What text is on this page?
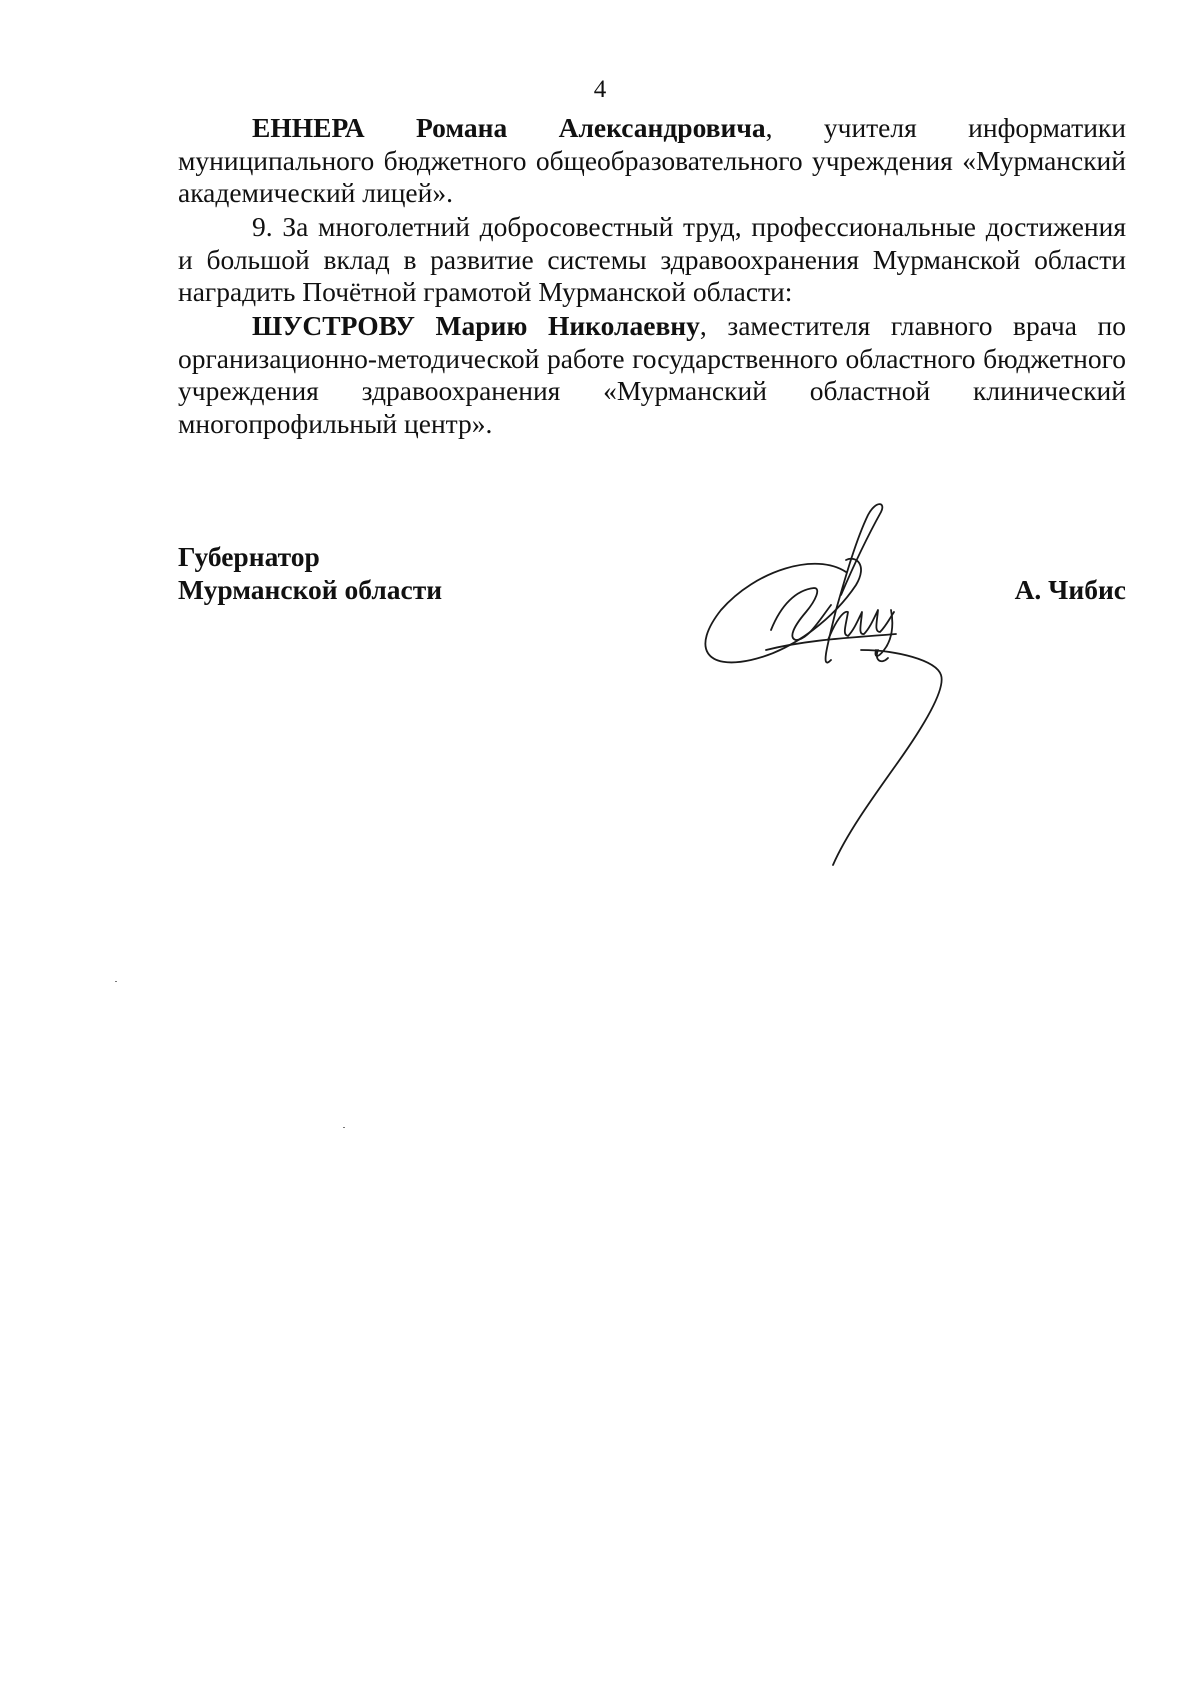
4

ЕННЕРА Романа Александровича, учителя информатики муниципального бюджетного общеобразовательного учреждения «Мурманский академический лицей».

9. За многолетний добросовестный труд, профессиональные достижения и большой вклад в развитие системы здравоохранения Мурманской области наградить Почётной грамотой Мурманской области:

ШУСТРОВУ Марию Николаевну, заместителя главного врача по организационно-методической работе государственного областного бюджетного учреждения здравоохранения «Мурманский областной клинический многопрофильный центр».

Губернатор
Мурманской области	А. Чибис
